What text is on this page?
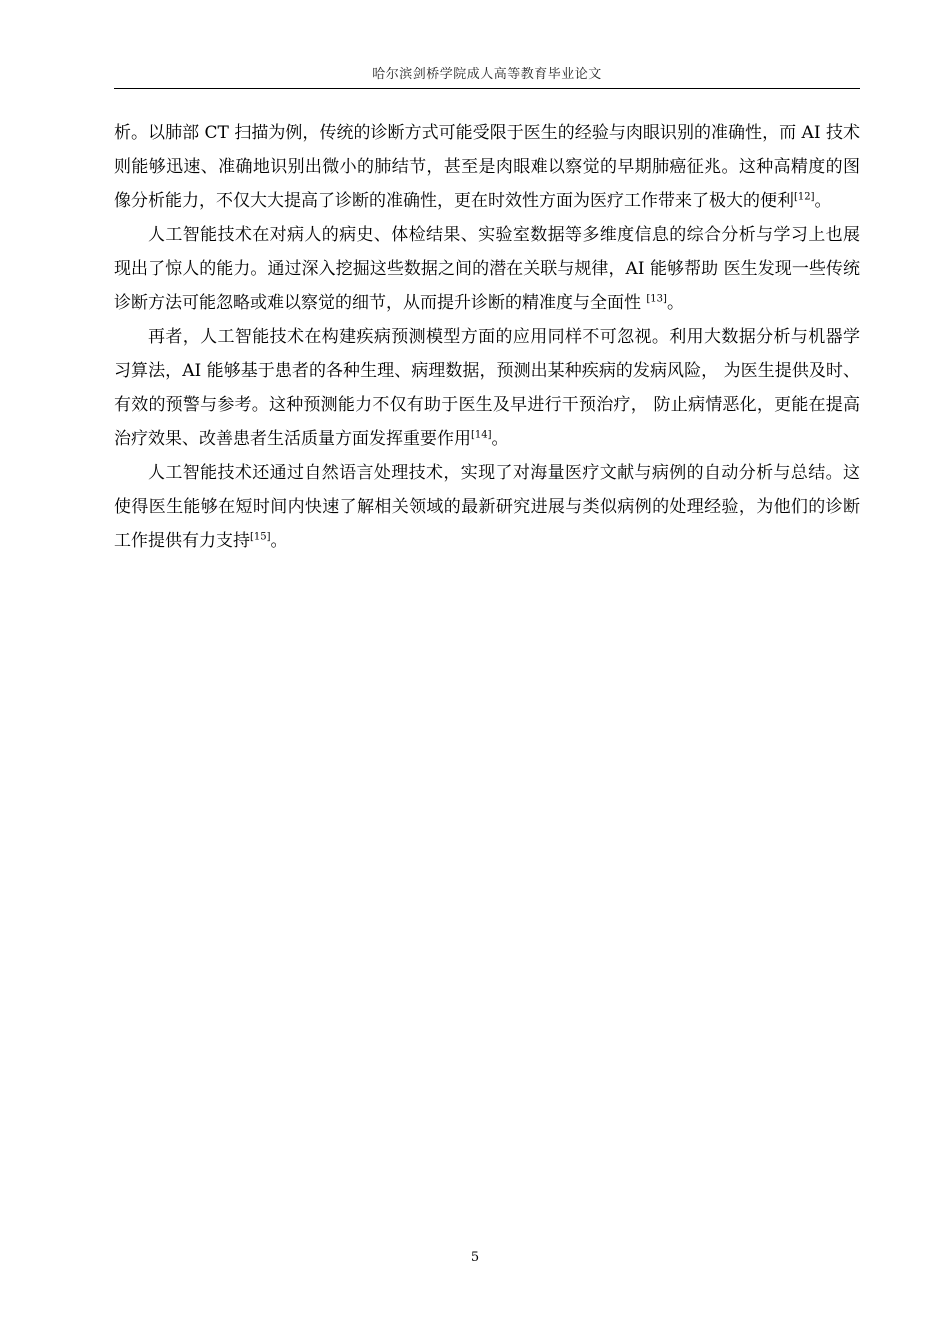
哈尔滨剑桥学院成人高等教育毕业论文

析。以肺部 CT 扫描为例，传统的诊断方式可能受限于医生的经验与肉眼识别的准确性，而 AI 技术则能够迅速、准确地识别出微小的肺结节，甚至是肉眼难以察觉的早期肺癌征兆。这种高精度的图像分析能力，不仅大大提高了诊断的准确性，更在时效性方面为医疗工作带来了极大的便利[12]。

人工智能技术在对病人的病史、体检结果、实验室数据等多维度信息的综合分析与学习上也展现出了惊人的能力。通过深入挖掘这些数据之间的潜在关联与规律，AI 能够帮助 医生发现一些传统诊断方法可能忽略或难以察觉的细节，从而提升诊断的精准度与全面性 [13]。

再者，人工智能技术在构建疾病预测模型方面的应用同样不可忽视。利用大数据分析与机器学习算法，AI 能够基于患者的各种生理、病理数据，预测出某种疾病的发病风险， 为医生提供及时、有效的预警与参考。这种预测能力不仅有助于医生及早进行干预治疗， 防止病情恶化，更能在提高治疗效果、改善患者生活质量方面发挥重要作用[14]。

人工智能技术还通过自然语言处理技术，实现了对海量医疗文献与病例的自动分析与总结。这使得医生能够在短时间内快速了解相关领域的最新研究进展与类似病例的处理经验，为他们的诊断工作提供有力支持[15]。

5
